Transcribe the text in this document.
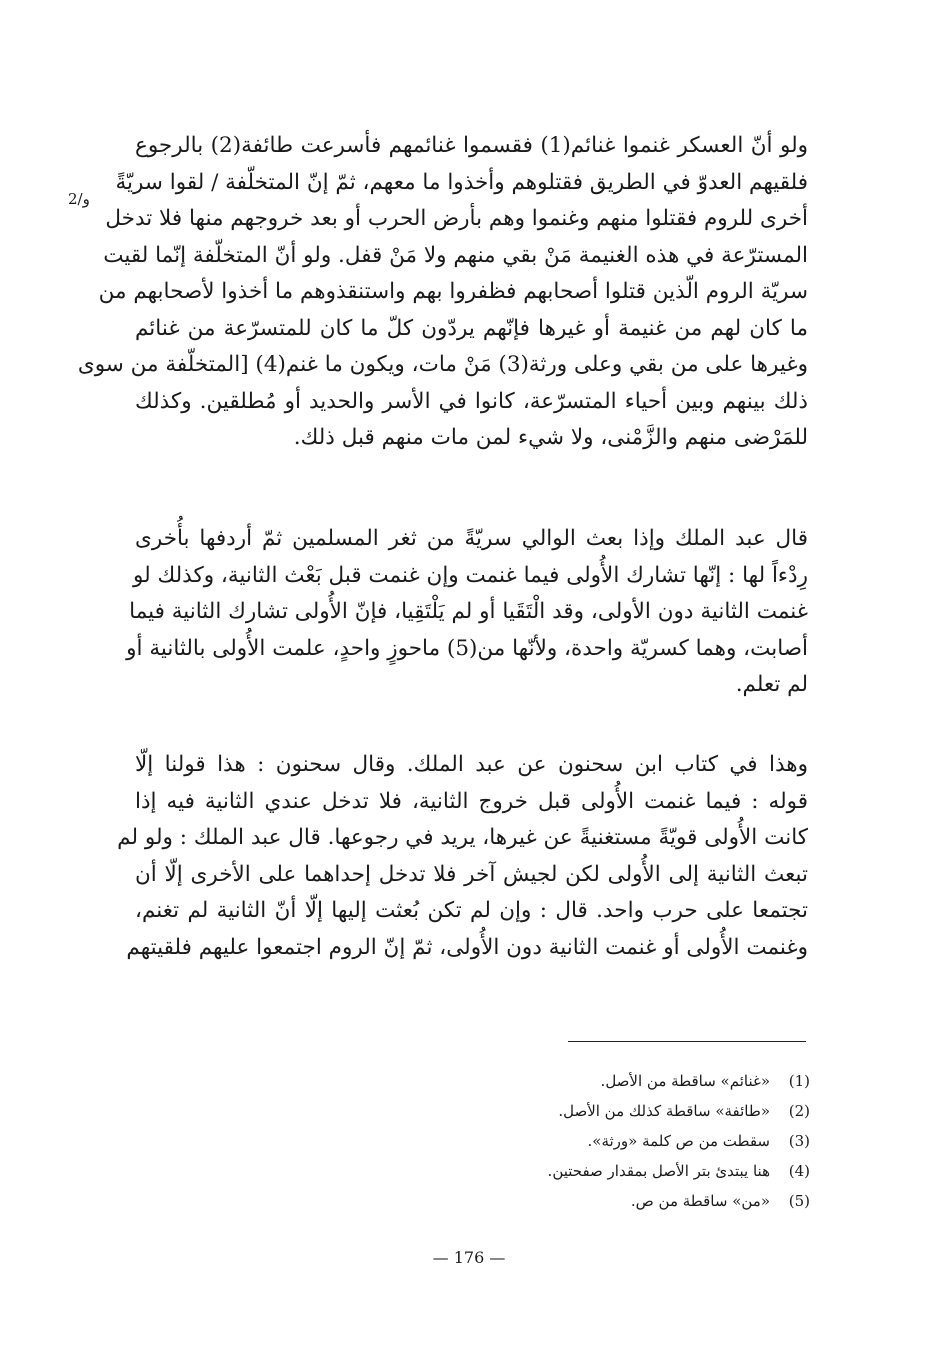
2/و
ولو أنّ العسكر غنموا غنائم(1) فقسموا غنائمهم فأسرعت طائفة(2) بالرجوع
فلقيهم العدوّ في الطريق فقتلوهم وأخذوا ما معهم، ثمّ إنّ المتخلّفة / لقوا سريّةً
أخرى للروم فقتلوا منهم وغنموا وهم بأرض الحرب أو بعد خروجهم منها فلا تدخل
المسترّعة في هذه الغنيمة مَنْ بقي منهم ولا مَنْ قفل. ولو أنّ المتخلّفة إنّما لقيت
سريّة الروم الّذين قتلوا أصحابهم فظفروا بهم واستنقذوهم ما أخذوا لأصحابهم من
ما كان لهم من غنيمة أو غيرها فإنّهم يردّون كلّ ما كان للمتسرّعة من غنائم
وغيرها على من بقي وعلى ورثة(3) مَنْ مات، ويكون ما غنم(4) [المتخلّفة من سوى
ذلك بينهم وبين أحياء المتسرّعة، كانوا في الأسر والحديد أو مُطلقين. وكذلك
للمَرْضى منهم والزَّمْنى، ولا شيء لمن مات منهم قبل ذلك.
قال عبد الملك وإذا بعث الوالي سريّةً من ثغر المسلمين ثمّ أردفها بأُخرى
رِدْءاً لها : إنّها تشارك الأُولى فيما غنمت وإن غنمت قبل بَعْث الثانية، وكذلك لو
غنمت الثانية دون الأولى، وقد الْتَقَيا أو لم يَلْتَقِيا، فإنّ الأُولى تشارك الثانية فيما
أصابت، وهما كسريّة واحدة، ولأنّها من(5) ماحوزٍ واحدٍ، علمت الأُولى بالثانية أو
لم تعلم.
وهذا في كتاب ابن سحنون عن عبد الملك. وقال سحنون : هذا قولنا إلّا
قوله : فيما غنمت الأُولى قبل خروج الثانية، فلا تدخل عندي الثانية فيه إذا
كانت الأُولى قويّةً مستغنيةً عن غيرها، يريد في رجوعها. قال عبد الملك : ولو لم
تبعث الثانية إلى الأُولى لكن لجيش آخر فلا تدخل إحداهما على الأخرى إلّا أن
تجتمعا على حرب واحد. قال : وإن لم تكن بُعثت إليها إلّا أنّ الثانية لم تغنم،
وغنمت الأُولى أو غنمت الثانية دون الأُولى، ثمّ إنّ الروم اجتمعوا عليهم فلقيتهم
(1)
«غنائم» ساقطة من الأصل.
(2)
«طائفة» ساقطة كذلك من الأصل.
(3)
سقطت من ص كلمة «ورثة».
(4)
هنا يبتدئ بتر الأصل بمقدار صفحتين.
(5)
«من» ساقطة من ص.
— 176 —
